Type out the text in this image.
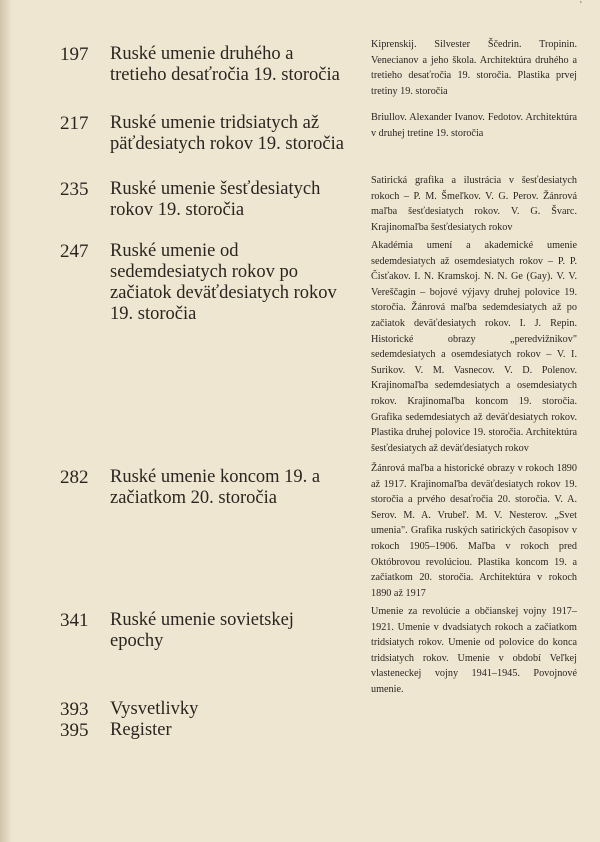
'
197	Ruské umenie druhého a tretieho desaťročia 19. storočia
Kiprenskij. Silvester Ščedrin. Tropinin. Venecianov a jeho škola. Architektúra druhého a tretieho desaťročia 19. storočia. Plastika prvej tretiny 19. storočia
217	Ruské umenie tridsiatych až päťdesiatych rokov 19. storočia
Briullov. Alexander Ivanov. Fedotov. Architektúra v druhej tretine 19. storočia
235	Ruské umenie šesťdesiatych rokov 19. storočia
Satirická grafika a ilustrácia v šesťdesiatych rokoch – P. M. Šmeľkov. V. G. Perov. Žánrová maľba šesťdesiatych rokov. V. G. Švarc. Krajinomaľba šesťdesiatych rokov
247	Ruské umenie od sedemdesiatych rokov po začiatok deväťdesiatych rokov 19. storočia
Akadémia umení a akademické umenie sedemdesiatych až osemdesiatych rokov – P. P. Čisťakov. I. N. Kramskoj. N. N. Ge (Gay). V. V. Vereščagin – bojové výjavy druhej polovice 19. storočia. Žánrová maľba sedemdesiatych až po začiatok deväťdesiatych rokov. I. J. Repin. Historické obrazy „peredvižnikov" sedemdesiatych a osemdesiatych rokov – V. I. Surikov. V. M. Vasnecov. V. D. Polenov. Krajinomaľba sedemdesiatych a osemdesiatych rokov. Krajinomaľba koncom 19. storočia. Grafika sedemdesiatych až deväťdesiatych rokov. Plastika druhej polovice 19. storočia. Architektúra šesťdesiatych až deväťdesiatych rokov
282	Ruské umenie koncom 19. a začiatkom 20. storočia
Žánrová maľba a historické obrazy v rokoch 1890 až 1917. Krajinomaľba deväťdesiatych rokov 19. storočia a prvého desaťročia 20. storočia. V. A. Serov. M. A. Vrubeľ. M. V. Nesterov. „Svet umenia". Grafika ruských satirických časopisov v rokoch 1905–1906. Maľba v rokoch pred Októbrovou revolúciou. Plastika koncom 19. a začiatkom 20. storočia. Architektúra v rokoch 1890 až 1917
341	Ruské umenie sovietskej epochy
Umenie za revolúcie a občianskej vojny 1917–1921. Umenie v dvadsiatych rokoch a začiatkom tridsiatych rokov. Umenie od polovice do konca tridsiatych rokov. Umenie v období Veľkej vlasteneckej vojny 1941–1945. Povojnové umenie.
393	Vysvetlivky
395	Register
